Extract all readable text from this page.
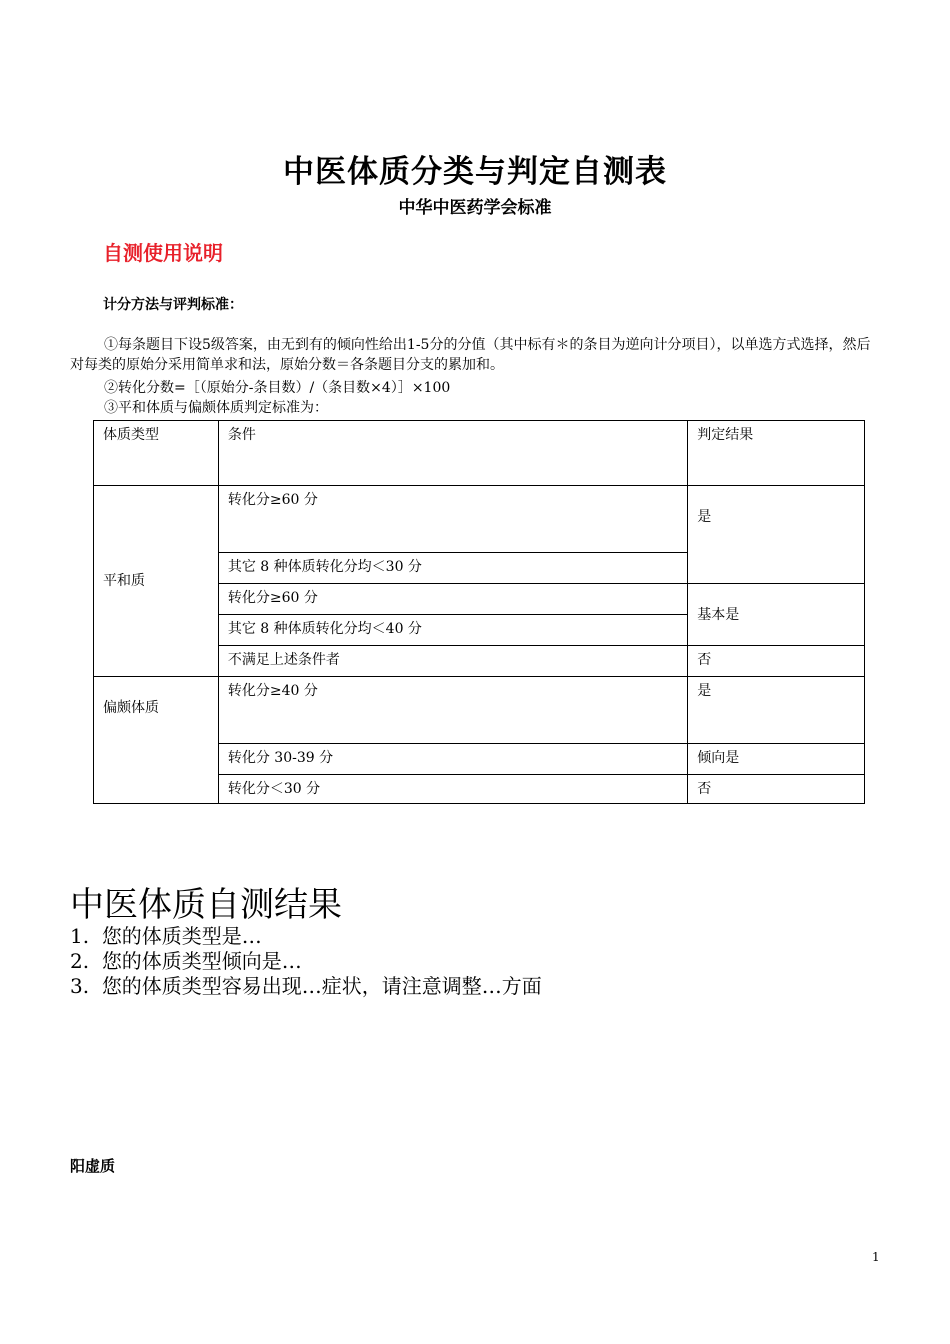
中医体质分类与判定自测表
中华中医药学会标准
自测使用说明
计分方法与评判标准：
①每条题目下设5级答案，由无到有的倾向性给出1-5分的分值（其中标有＊的条目为逆向计分项目），以单选方式选择，然后对每类的原始分采用简单求和法，原始分数＝各条题目分支的累加和。
②转化分数=［（原始分-条目数）/（条目数×4）］×100
③平和体质与偏颇体质判定标准为：
体质类型	条件	判定结果
平和质	转化分≥60 分	是
	其它 8 种体质转化分均＜30 分	
	转化分≥60 分	基本是
	其它 8 种体质转化分均＜40 分	
	不满足上述条件者	否
偏颇体质	转化分≥40 分	是
	转化分 30-39 分	倾向是
	转化分＜30 分	否
中医体质自测结果
1. 您的体质类型是…
2. 您的体质类型倾向是…
3. 您的体质类型容易出现…症状，请注意调整…方面
阳虚质
1
